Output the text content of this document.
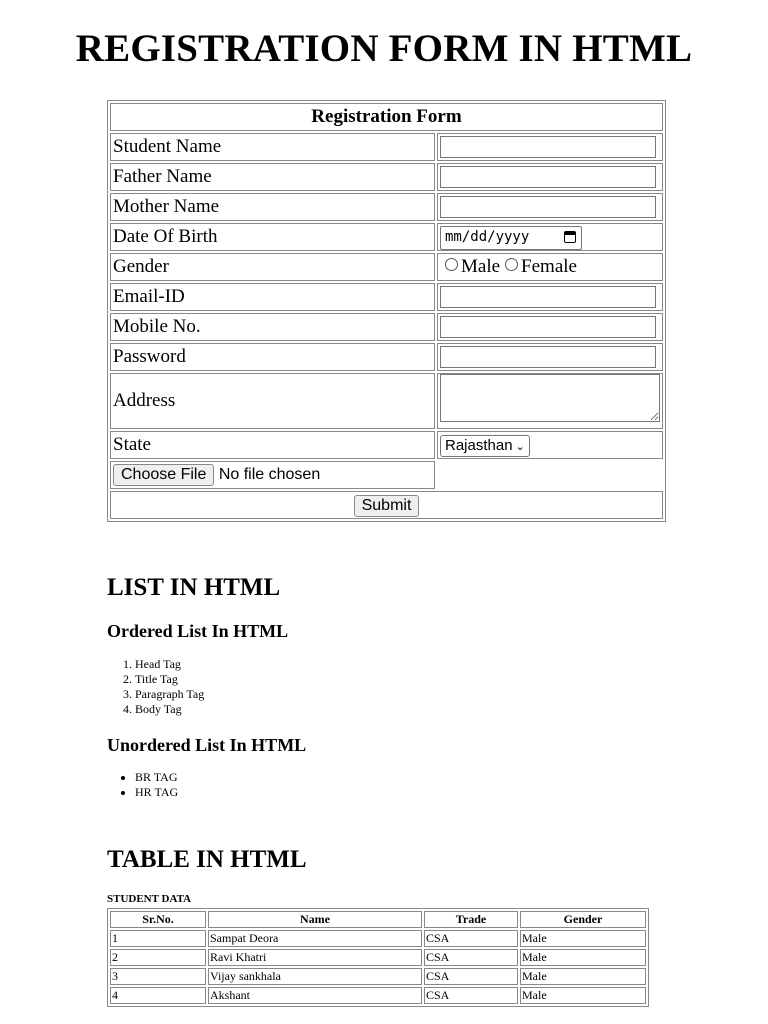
REGISTRATION FORM IN HTML
Registration Form	
Student Name	
Father Name	
Mother Name	
Date Of Birth	mm/dd/yyyy

Gender	Male Female
Email-ID	
Mobile No.	
Password	
Address	
State	Rajasthan ⌄
Choose File No file chosen	
Submit	
LIST IN HTML
Ordered List In HTML
1. Head Tag
2. Title Tag
3. Paragraph Tag
4. Body Tag
Unordered List In HTML
• BR TAG
• HR TAG
TABLE IN HTML
STUDENT DATA
Sr.No.	Name	Trade	Gender
1	Sampat Deora	CSA	Male
2	Ravi Khatri	CSA	Male
3	Vijay sankhala	CSA	Male
4	Akshant	CSA	Male
